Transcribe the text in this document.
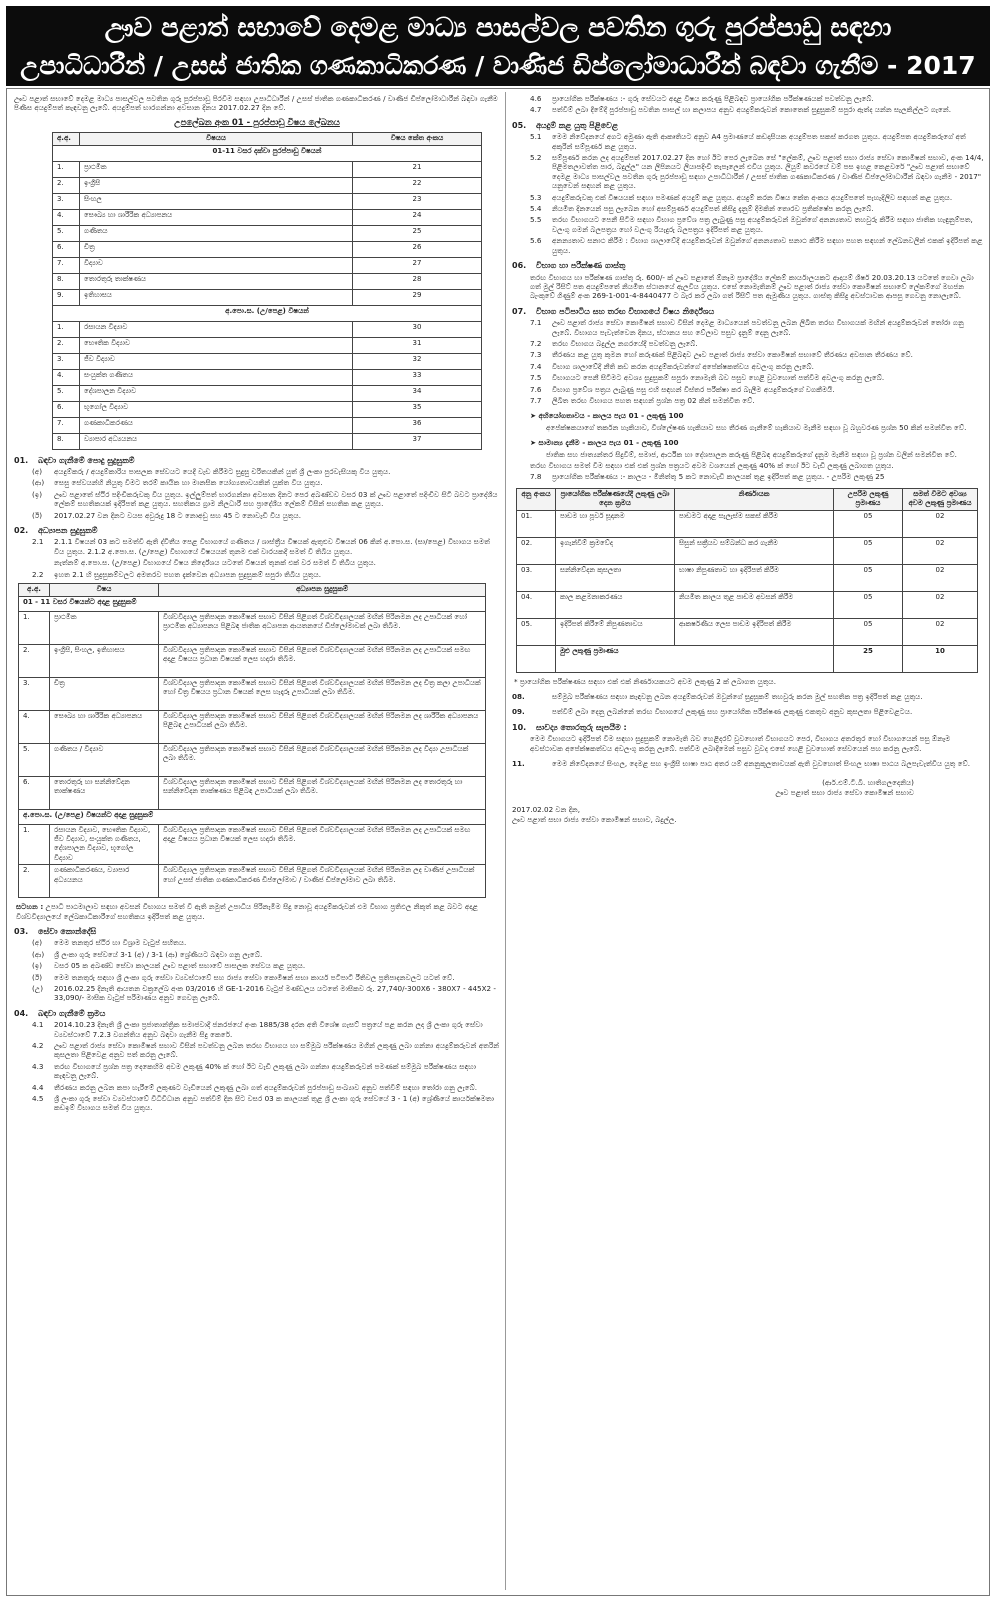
ඌව පළාත් සභාවේ දෙමළ මාධ්‍ය පාසල්වල පවතින ගුරු පුරප්පාඩු සඳහා
උපාධිධාරීන් / උසස් ජාතික ගණකාධිකරණ / වාණිජ ඩිප්ලෝමාධාරීන් බඳවා ගැනීම - 2017
ඌව පළාත් සභාවේ දෙමළ මාධ්‍ය පාසල්වල පවතින ගුරු පුරප්පාඩු පිරවීම සඳහා උපාධිධාරීන් / උසස් ජාතික ගණකාධිකරණ / වාණිජ ඩිප්ලෝමාධාරීන් බඳවා ගැනීම පිණිස අයදුම්පත් කැඳවනු ලැබේ. අයදුම්පත් භාරගන්නා අවසාන දිනය 2017.02.27 දින වේ.
උපලේඛන අංක 01 - පුරප්පාඩු විෂය ලේඛනය
අ.අ.	විෂයය	විෂය කේත අංකය
01-11 වසර දක්වා පුරප්පාඩු විෂයන්		
1.	ප්‍රාථමික	21
2.	ඉංග්‍රීසි	22
3.	සිංහල	23
4.	සෞඛ්‍ය හා ශාරීරික අධ්‍යාපනය	24
5.	ගණිතය	25
6.	චිත්‍ර	26
7.	විද්‍යාව	27
8.	තොරතුරු තාක්ෂණය	28
9.	ඉතිහාසය	29
අ.පො.ස. (උ/පෙළ) විෂයන්		
1.	රසායන විද්‍යාව	30
2.	භෞතික විද්‍යාව	31
3.	ජීව විද්‍යාව	32
4.	සංයුක්ත ගණිතය	33
5.	දේශපාලන විද්‍යාව	34
6.	භූගෝල විද්‍යාව	35
7.	ගණකාධිකරණය	36
8.	ව්‍යාපාර අධ්‍යයනය	37
01. බඳවා ගැනීමේ පොදු සුදුසුකම්
(අ)	අයදුම්කරු / අයදුම්කාරිය පාසලක සේවයට යෙදී වැඩ කිරීමට සුදුසු චරිතයකින් යුත් ශ්‍රී ලංකා පුරවැසියකු විය යුතුය.
(ආ)	සෙසු සේවයන්හි නියුතු වීමට තරම් කායික හා මානසික යෝග්‍යතාවයකින් යුක්ත විය යුතුය.
(ඉ)	ඌව පළාතේ ස්ථිර පදිංචිකරුවකු විය යුතුය. ඉල්ලුම්පත් භාරගන්නා අවසාන දිනට පෙර අඛණ්ඩව වසර 03 ක් ඌව පළාතේ පදිංචිව සිටි බවට ප්‍රාදේශීය ලේකම් සහතිකයක් ඉදිරිපත් කළ යුතුය. සහතිකය ග්‍රාම නිලධාරී සහ ප්‍රාදේශීය ලේකම් විසින් සහතික කළ යුතුය.
(ඊ)	2017.02.27 වන දිනට වයස අවුරුදු 18 ට නොඅඩු සහ 45 ට නොවැඩි විය යුතුය.
02. අධ්‍යාපන සුදුසුකම්
2.1	2.1.1 විෂයන් 03 කට සමත්වී ඇති ද්විතීය පෙළ විභාගයේ ගණිතය / ශාස්ත්‍රීය විෂයක් ඇතුළුව විෂයන් 06 කින් අ.පො.ස. (සා/පෙළ) විභාගය සමත් විය යුතුය. 2.1.2 අ.පො.ස. (උ/පෙළ) විභාගයේ විෂයයන් තුනම එක් වාරයකදී සමත් වී තිබිය යුතුය.
නැත්නම් අ.පො.ස. (උ/පෙළ) විභාගයේ විෂය නිර්දේශය යටතේ විෂයන් තුනක් එක් වර සමත් වී තිබිය යුතුය.
2.2	ඉහත 2.1 හි සුදුසුකම්වලට අමතරව පහත දැක්වෙන අධ්‍යාපන සුදුසුකම් සපුරා තිබිය යුතුය.
අ.අ.	විෂය	අධ්‍යාපන සුදුසුකම්
01 - 11 වසර විෂයන්ට අදාළ සුදුසුකම්		
1.	ප්‍රාථමික	විශ්වවිද්‍යාල ප්‍රතිපාදන කොමිෂන් සභාව විසින් පිළිගත් විශ්වවිද්‍යාලයක් මඟින් පිරිනමන ලද උපාධියක් හෝ ප්‍රාථමික අධ්‍යාපනය පිළිබඳ ජාතික අධ්‍යාපන ආයතනයේ ඩිප්ලෝමාවක් ලබා තිබීම.
2.	ඉංග්‍රීසි, සිංහල, ඉතිහාසය	විශ්වවිද්‍යාල ප්‍රතිපාදන කොමිෂන් සභාව විසින් පිළිගත් විශ්වවිද්‍යාලයක් මඟින් පිරිනමන ලද උපාධියක් සමඟ අදාළ විෂයය ප්‍රධාන විෂයක් ලෙස හදාරා තිබීම.
3.	චිත්‍ර	විශ්වවිද්‍යාල ප්‍රතිපාදන කොමිෂන් සභාව විසින් පිළිගත් විශ්වවිද්‍යාලයක් මඟින් පිරිනමන ලද චිත්‍ර කලා උපාධියක් හෝ චිත්‍ර විෂයය ප්‍රධාන විෂයක් ලෙස හැදෑරූ උපාධියක් ලබා තිබීම.
4.	සෞඛ්‍ය හා ශාරීරික අධ්‍යාපනය	විශ්වවිද්‍යාල ප්‍රතිපාදන කොමිෂන් සභාව විසින් පිළිගත් විශ්වවිද්‍යාලයක් මඟින් පිරිනමන ලද ශාරීරික අධ්‍යාපනය පිළිබඳ උපාධියක් ලබා තිබීම.
5.	ගණිතය / විද්‍යාව	විශ්වවිද්‍යාල ප්‍රතිපාදන කොමිෂන් සභාව විසින් පිළිගත් විශ්වවිද්‍යාලයක් මඟින් පිරිනමන ලද විද්‍යා උපාධියක් ලබා තිබීම.
6.	තොරතුරු හා සන්නිවේදන තාක්ෂණය	විශ්වවිද්‍යාල ප්‍රතිපාදන කොමිෂන් සභාව විසින් පිළිගත් විශ්වවිද්‍යාලයක් මඟින් පිරිනමන ලද තොරතුරු හා සන්නිවේදන තාක්ෂණය පිළිබඳ උපාධියක් ලබා තිබීම.
අ.පො.ස. (උ/පෙළ) විෂයන්ට අදාළ සුදුසුකම්		
1.	රසායන විද්‍යාව, භෞතික විද්‍යාව, ජීව විද්‍යාව, සංයුක්ත ගණිතය, දේශපාලන විද්‍යාව, භූගෝල විද්‍යාව	විශ්වවිද්‍යාල ප්‍රතිපාදන කොමිෂන් සභාව විසින් පිළිගත් විශ්වවිද්‍යාලයක් මඟින් පිරිනමන ලද උපාධියක් සමඟ අදාළ විෂයය ප්‍රධාන විෂයක් ලෙස හදාරා තිබීම.
2.	ගණකාධිකරණය, ව්‍යාපාර අධ්‍යයනය	විශ්වවිද්‍යාල ප්‍රතිපාදන කොමිෂන් සභාව විසින් පිළිගත් විශ්වවිද්‍යාලයක් මඟින් පිරිනමන ලද වාණිජ උපාධියක් හෝ උසස් ජාතික ගණකාධිකරණ ඩිප්ලෝමාව / වාණිජ ඩිප්ලෝමාව ලබා තිබීම.
සටහන : උපාධි පාඨමාලාව සඳහා අවසන් විභාගය සමත් වී ඇති නමුත් උපාධිය පිරිනැමීම සිදු නොවූ අයදුම්කරුවන් එම විභාග ප්‍රතිඵල නිකුත් කළ බවට අදාළ විශ්වවිද්‍යාලයේ ලේඛකාධිකාරීගේ සහතිකය ඉදිරිපත් කළ යුතුය.
03. සේවා කොන්දේසි
(අ)	මෙම තනතුර ස්ථිර හා විශ්‍රාම වැටුප් සහිතය.
(ආ)	ශ්‍රී ලංකා ගුරු සේවයේ 3-1 (අ) / 3-1 (ආ) ශ්‍රේණියට බඳවා ගනු ලැබේ.
(ඉ)	වසර 05 ක අඛණ්ඩ සේවා කාලයක් ඌව පළාත් සභාවේ පාසලක සේවය කළ යුතුය.
(ඊ)	මෙම තනතුරු සඳහා ශ්‍රී ලංකා ගුරු සේවා ව්‍යවස්ථාවේ සහ රාජ්‍ය සේවා කොමිෂන් සභා කාර්ය පටිපාටි රීතිවල ප්‍රතිපාදනවලට යටත් වේ.
(උ)	2016.02.25 දිනැති ආයතන චක්‍රලේඛ අංක 03/2016 හි GE-1-2016 වැටුප් මණ්ඩලය යටතේ මාසිකව රු. 27,740/-300X6 - 380X7 - 445X2 - 33,090/- මාසික වැටුප් පරිමාණය අනුව ගෙවනු ලැබේ.
04. බඳවා ගැනීමේ ක්‍රමය
4.1	2014.10.23 දිනැති ශ්‍රී ලංකා ප්‍රජාතාන්ත්‍රික සමාජවාදී ජනරජයේ අංක 1885/38 දරන අති විශේෂ ගැසට් පත්‍රයේ පළ කරන ලද ශ්‍රී ලංකා ගුරු සේවා ව්‍යවස්ථාවේ 7.2.3 වගන්තිය අනුව බඳවා ගැනීම සිදු කෙරේ.
4.2	ඌව පළාත් රාජ්‍ය සේවා කොමිෂන් සභාව විසින් පවත්වනු ලබන තරඟ විභාගය හා සම්මුඛ පරීක්ෂණය මගින් ලකුණු ලබා ගන්නා අයදුම්කරුවන් අතරින් කුසලතා පිළිවෙළ අනුව පත් කරනු ලැබේ.
4.3	තරඟ විභාගයේ ප්‍රශ්න පත්‍ර දෙකෙහිම අවම ලකුණු 40% ක් හෝ ඊට වැඩි ලකුණු ලබා ගන්නා අයදුම්කරුවන් පමණක් සම්මුඛ පරීක්ෂණය සඳහා කැඳවනු ලැබේ.
4.4	තීරණය කරනු ලබන කපා හැරීමේ ලකුණට වැඩියෙන් ලකුණු ලබා ගත් අයදුම්කරුවන් පුරප්පාඩු සංඛ්‍යාව අනුව පත්වීම් සඳහා තෝරා ගනු ලැබේ.
4.5	ශ්‍රී ලංකා ගුරු සේවා ව්‍යවස්ථාවේ විධිවිධාන අනුව පත්වීම් දින සිට වසර 03 ක කාලයක් තුළ ශ්‍රී ලංකා ගුරු සේවයේ 3 - 1 (අ) ශ්‍රේණියේ කාර්යක්ෂමතා කඩඉම් විභාගය සමත් විය යුතුය.
4.6	ප්‍රායෝගික පරීක්ෂණය :- ගුරු සේවයට අදාළ විෂය කරුණු පිළිබඳව ප්‍රායෝගික පරීක්ෂණයක් පවත්වනු ලැබේ.
4.7	පත්වීම් ලබා දීමේදී පුරප්පාඩු පවතින පාසල් හා කලාපය අනුව අයදුම්කරුවන් කොතෙක් සුදුසුකම් සපුරා ඇත්ද යන්න සැලකිල්ලට ගැනේ.
05. අයදුම් කළ යුතු පිළිවෙළ
5.1	මෙම නිවේදනයේ අගට අමුණා ඇති ආකෘතියට අනුව A4 ප්‍රමාණයේ කඩදාසියක අයදුම්පත සකස් කරගත යුතුය. අයදුම්පත අයදුම්කරුගේ අත් අකුරින් සම්පූර්ණ කළ යුතුය.
5.2	සම්පූර්ණ කරන ලද අයදුම්පත් 2017.02.27 දින හෝ ඊට පෙර ලැබෙන සේ "ලේකම්, ඌව පළාත් සභා රාජ්‍ය සේවා කොමිෂන් සභාව, අංක 14/4, පිළිමතලාවත්ත පාර, බදුල්ල" යන ලිපිනයට ලියාපදිංචි තැපෑලෙන් එවිය යුතුය. ලියුම් කවරයේ වම් පස ඉහළ කෙළවරේ "ඌව පළාත් සභාවේ දෙමළ මාධ්‍ය පාසල්වල පවතින ගුරු පුරප්පාඩු සඳහා උපාධිධාරීන් / උසස් ජාතික ගණකාධිකරණ / වාණිජ ඩිප්ලෝමාධාරීන් බඳවා ගැනීම - 2017" යනුවෙන් සඳහන් කළ යුතුය.
5.3	අයදුම්කරුවකු එක් විෂයයක් සඳහා පමණක් අයදුම් කළ යුතුය. අයදුම් කරන විෂය කේත අංකය අයදුම්පතේ පැහැදිලිව සඳහන් කළ යුතුය.
5.4	නියමිත දිනයෙන් පසු ලැබෙන හෝ අසම්පූර්ණ අයදුම්පත් කිසිදු දැනුම් දීමකින් තොරව ප්‍රතික්ෂේප කරනු ලැබේ.
5.5	තරඟ විභාගයට පෙනී සිටීම සඳහා විභාග ප්‍රවේශ පත්‍ර ලැබුණු පසු අයදුම්කරුවන් ඔවුන්ගේ අනන්‍යතාව තහවුරු කිරීම සඳහා ජාතික හැඳුනුම්පත, වලංගු ගමන් බලපත්‍රය හෝ වලංගු රියැදුරු බලපත්‍රය ඉදිරිපත් කළ යුතුය.
5.6	අනන්‍යතාව සනාථ කිරීම : විභාග ශාලාවේදී අයදුම්කරුවන් ඔවුන්ගේ අනන්‍යතාව සනාථ කිරීම සඳහා පහත සඳහන් ලේඛනවලින් එකක් ඉදිරිපත් කළ යුතුය.
06. විභාග හා පරීක්ෂණ ගාස්තු
තරඟ විභාගය හා පරීක්ෂණ ගාස්තු රු. 600/- ක් ඌව පළාතේ ඕනෑම ප්‍රාදේශීය ලේකම් කාර්යාලයකට ආදායම් ශීර්ෂ 20.03.20.13 යටතේ ගෙවා ලබා ගත් මුල් රිසිට් පත අයදුම්පතේ නියමිත ස්ථානයේ ඇලවිය යුතුය. එසේ නොමැතිනම් ඌව පළාත් රාජ්‍ය සේවා කොමිෂන් සභාවේ ලේකම්ගේ මහජන බැංකුවේ ගිණුම් අංක 269-1-001-4-8440477 ට බැර කර ලබා ගත් රිසිට් පත ඇමුණිය යුතුය. ගාස්තු කිසිදු අවස්ථාවක ආපසු ගෙවනු නොලැබේ.
07. විභාග පටිපාටිය සහ තරඟ විභාගයේ විෂය නිර්දේශය
7.1	ඌව පළාත් රාජ්‍ය සේවා කොමිෂන් සභාව විසින් දෙමළ මාධ්‍යයෙන් පවත්වනු ලබන ලිඛිත තරඟ විභාගයක් මඟින් අයදුම්කරුවන් තෝරා ගනු ලැබේ. විභාගය පැවැත්වෙන දිනය, ස්ථානය සහ වේලාව පසුව දැනුම් දෙනු ලැබේ.
7.2	තරඟ විභාගය බදුල්ල නගරයේදී පවත්වනු ලැබේ.
7.3	තීරණය කළ යුතු කුමන හෝ කරුණක් පිළිබඳව ඌව පළාත් රාජ්‍ය සේවා කොමිෂන් සභාවේ තීරණය අවසාන තීරණය වේ.
7.4	විභාග ශාලාවේදී නීති කඩ කරන අයදුම්කරුවන්ගේ අපේක්ෂකත්වය අවලංගු කරනු ලැබේ.
7.5	විභාගයට පෙනී සිටීමට අවශ්‍ය සුදුසුකම් සපුරා නොමැති බව පසුව හෙළි වුවහොත් පත්වීම අවලංගු කරනු ලැබේ.
7.6	විභාග ප්‍රවේශ පත්‍රය ලැබුණු පසු එහි සඳහන් විස්තර පරීක්ෂා කර බැලීම අයදුම්කරුගේ වගකීමයි.
7.7	ලිඛිත තරඟ විභාගය පහත සඳහන් ප්‍රශ්න පත්‍ර 02 කින් සමන්විත වේ.
➤ අභියෝගතාවය - කාලය පැය 01 - ලකුණු 100
අපේක්ෂකයාගේ තර්කන හැකියාව, විශ්ලේෂණ හැකියාව සහ තීරණ ගැනීමේ හැකියාව මැනීම සඳහා වූ බහුවරණ ප්‍රශ්න 50 කින් සමන්විත වේ.
➤ සාමාන්‍ය දැනීම - කාලය පැය 01 - ලකුණු 100
ජාතික සහ ජාත්‍යන්තර සිදුවීම්, සමාජ, ආර්ථික හා දේශපාලන කරුණු පිළිබඳ අයදුම්කරුගේ දැනුම මැනීම සඳහා වූ ප්‍රශ්න වලින් සමන්විත වේ.
තරඟ විභාගය සමත් වීම සඳහා එක් එක් ප්‍රශ්න පත්‍රයට අවම වශයෙන් ලකුණු 40% ක් හෝ ඊට වැඩි ලකුණු ලබාගත යුතුය.
7.8	ප්‍රායෝගික පරීක්ෂණය :- කාලය - මිනිත්තු 5 කට නොවැඩි කාලයක් තුළ ඉදිරිපත් කළ යුතුය. - උපරිම ලකුණු 25
අනු අංකය	ප්‍රායෝගික පරීක්ෂණයේදී ලකුණු ලබා දෙන ක්‍රමය	නිර්ණායක	උපරිම ලකුණු ප්‍රමාණය	සමත් වීමට අවශ්‍ය අවම ලකුණු ප්‍රමාණය
01.	පාඩම හා පූර්ව සූදානම	පාඩමට අදාළ සැලැස්ම සකස් කිරීම	05	02
02.	ඉගැන්වීම් ක්‍රමවේද	සිසුන් සක්‍රීයව සම්බන්ධ කර ගැනීම	05	02
03.	සන්නිවේදන කුසලතා	භාෂා නිපුණතාව හා ඉදිරිපත් කිරීම	05	02
04.	කාල කළමනාකරණය	නියමිත කාලය තුළ පාඩම අවසන් කිරීම	05	02
05.	ඉදිරිපත් කිරීමේ නිපුණතාවය	ආකර්ෂණීය ලෙස පාඩම ඉදිරිපත් කිරීම	05	02
	මුළු ලකුණු ප්‍රමාණය		25	10
* ප්‍රායෝගික පරීක්ෂණය සඳහා එක් එක් නිර්ණායකයට අවම ලකුණු 2 ක් ලබාගත යුතුය.
08.	සම්මුඛ පරීක්ෂණය සඳහා කැඳවනු ලබන අයදුම්කරුවන් ඔවුන්ගේ සුදුසුකම් තහවුරු කරන මුල් සහතික පත්‍ර ඉදිරිපත් කළ යුතුය.
09.	පත්වීම් ලබා දෙනු ලබන්නේ තරඟ විභාගයේ ලකුණු සහ ප්‍රායෝගික පරීක්ෂණ ලකුණු එකතුව අනුව කුසලතා පිළිවෙළටය.
10. සාවද්‍ය තොරතුරු සැපයීම :
මෙම විභාගයට ඉදිරිපත් වීම සඳහා සුදුසුකම් නොමැති බව හෙළිදරව් වුවහොත් විභාගයට පෙර, විභාගය අතරතුර හෝ විභාගයෙන් පසු ඕනෑම අවස්ථාවක අපේක්ෂකත්වය අවලංගු කරනු ලැබේ. පත්වීම ලබාදීමෙන් පසුව වුවද එසේ හෙළි වුවහොත් සේවයෙන් පහ කරනු ලැබේ.
11.	මෙම නිවේදනයේ සිංහල, දෙමළ සහ ඉංග්‍රීසි භාෂා පාඨ අතර යම් අනනුකූලතාවයක් ඇති වුවහොත් සිංහල භාෂා පාඨය බලපැවැත්විය යුතු වේ.
(ආර්.එම්.ටී.බී. හාතිගලදෙනිය)
ඌව පළාත් සභා රාජ්‍ය සේවා කොමිෂන් සභාව
2017.02.02 වන දින,
ඌව පළාත් සභා රාජ්‍ය සේවා කොමිෂන් සභාව, බදුල්ල.
